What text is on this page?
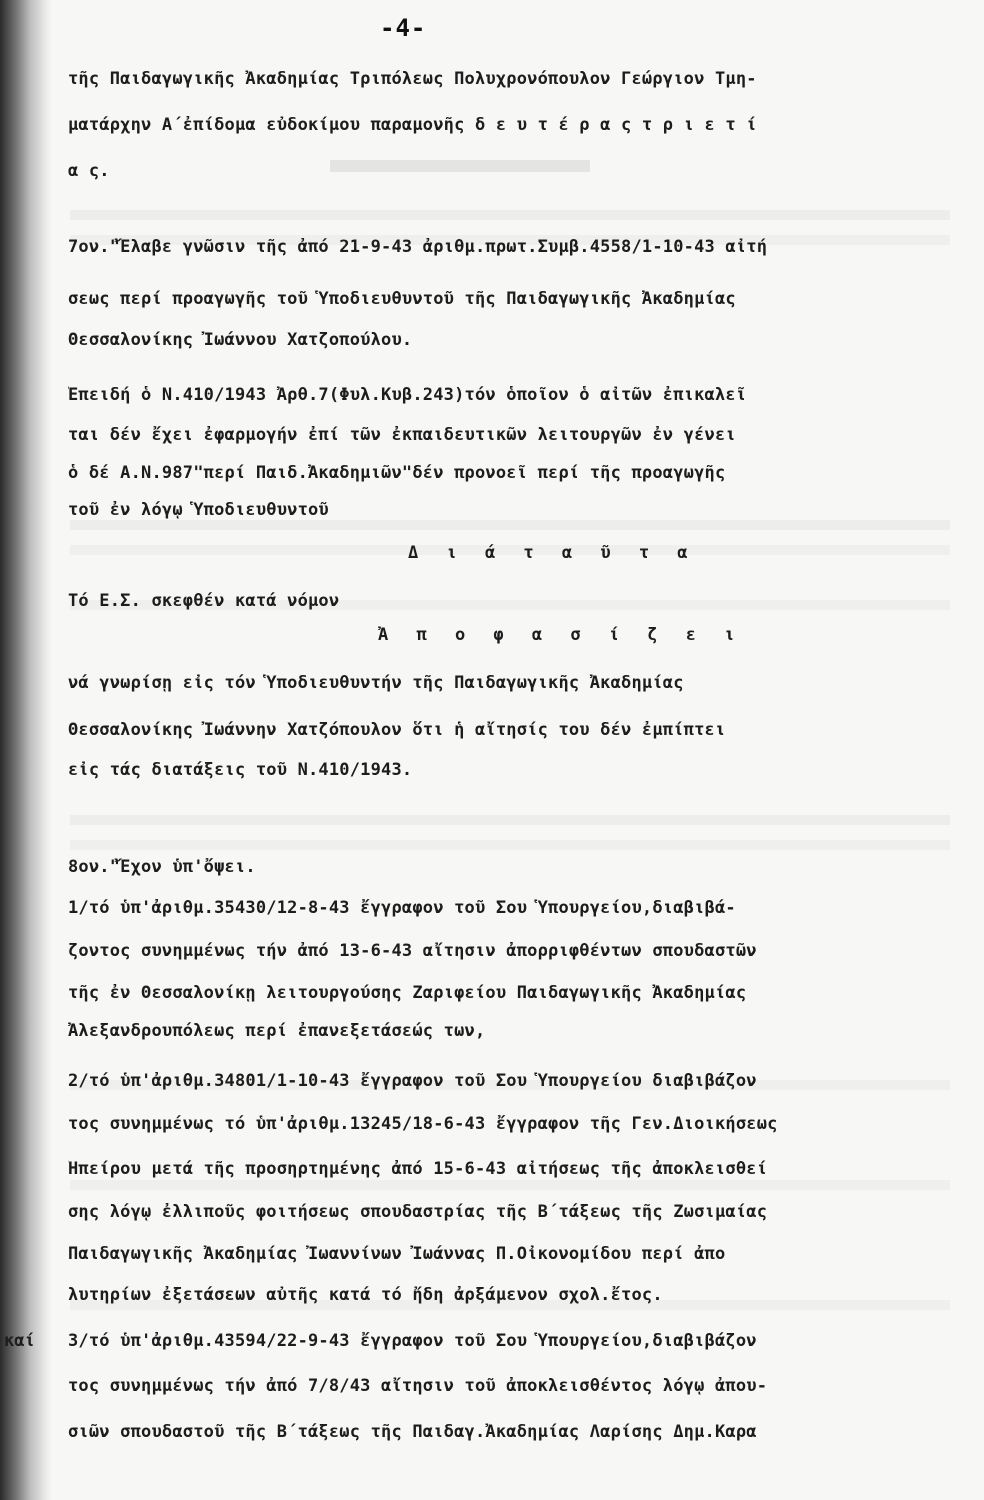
-4-
τῆς Παιδαγωγικῆς Ἀκαδημίας Τριπόλεως Πολυχρονόπουλον Γεώργιον Τμη-
ματάρχην Α΄ἐπίδομα εὐδοκίμου παραμονῆς δ ε υ τ έ ρ α ς τ ρ ι ε τ ί
α ς.
7ον."Ἔλαβε γνῶσιν τῆς ἀπό 21-9-43 ἀριθμ.πρωτ.Συμβ.4558/1-10-43 αἰτή
σεως περί προαγωγῆς τοῦ Ὑποδιευθυντοῦ τῆς Παιδαγωγικῆς Ἀκαδημίας
Θεσσαλονίκης Ἰωάννου Χατζοπούλου.
Ἐπειδή ὁ Ν.410/1943 Ἀρθ.7(Φυλ.Κυβ.243)τόν ὁποῖον ὁ αἰτῶν ἐπικαλεῖ
ται δέν ἔχει ἐφαρμογήν ἐπί τῶν ἐκπαιδευτικῶν λειτουργῶν ἐν γένει
ὁ δέ Α.Ν.987"περί Παιδ.Ἀκαδημιῶν"δέν προνοεῖ περί τῆς προαγωγῆς
τοῦ ἐν λόγῳ Ὑποδιευθυντοῦ
Δ ι ά τ α ῦ τ α
Τό Ε.Σ. σκεφθέν κατά νόμον
Ἀ π ο φ α σ ί ζ ε ι
νά γνωρίσῃ εἰς τόν Ὑποδιευθυντήν τῆς Παιδαγωγικῆς Ἀκαδημίας
Θεσσαλονίκης Ἰωάννην Χατζόπουλον ὅτι ἡ αἴτησίς του δέν ἐμπίπτει
εἰς τάς διατάξεις τοῦ Ν.410/1943.
8ον."Ἔχον ὑπ'ὄψει.
1/τό ὑπ'ἀριθμ.35430/12-8-43 ἔγγραφον τοῦ Σου Ὑπουργείου,διαβιβά-
ζοντος συνημμένως τήν ἀπό 13-6-43 αἴτησιν ἀπορριφθέντων σπουδαστῶν
τῆς ἐν Θεσσαλονίκῃ λειτουργούσης Ζαριφείου Παιδαγωγικῆς Ἀκαδημίας
Ἀλεξανδρουπόλεως περί ἐπανεξετάσεώς των,
2/τό ὑπ'ἀριθμ.34801/1-10-43 ἔγγραφον τοῦ Σου Ὑπουργείου διαβιβάζον
τος συνημμένως τό ὑπ'ἀριθμ.13245/18-6-43 ἔγγραφον τῆς Γεν.Διοικήσεως
Ἠπείρου μετά τῆς προσηρτημένης ἀπό 15-6-43 αἰτήσεως τῆς ἀποκλεισθεί
σης λόγῳ ἐλλιποῦς φοιτήσεως σπουδαστρίας τῆς Β΄τάξεως τῆς Ζωσιμαίας
Παιδαγωγικῆς Ἀκαδημίας Ἰωαννίνων Ἰωάννας Π.Οἰκονομίδου περί ἀπο
λυτηρίων ἐξετάσεων αὐτῆς κατά τό ἤδη ἀρξάμενον σχολ.ἔτος.
καί 3/τό ὑπ'ἀριθμ.43594/22-9-43 ἔγγραφον τοῦ Σου Ὑπουργείου,διαβιβάζον
τος συνημμένως τήν ἀπό 7/8/43 αἴτησιν τοῦ ἀποκλεισθέντος λόγῳ ἀπου-
σιῶν σπουδαστοῦ τῆς Β΄τάξεως τῆς Παιδαγ.Ἀκαδημίας Λαρίσης Δημ.Καρα
